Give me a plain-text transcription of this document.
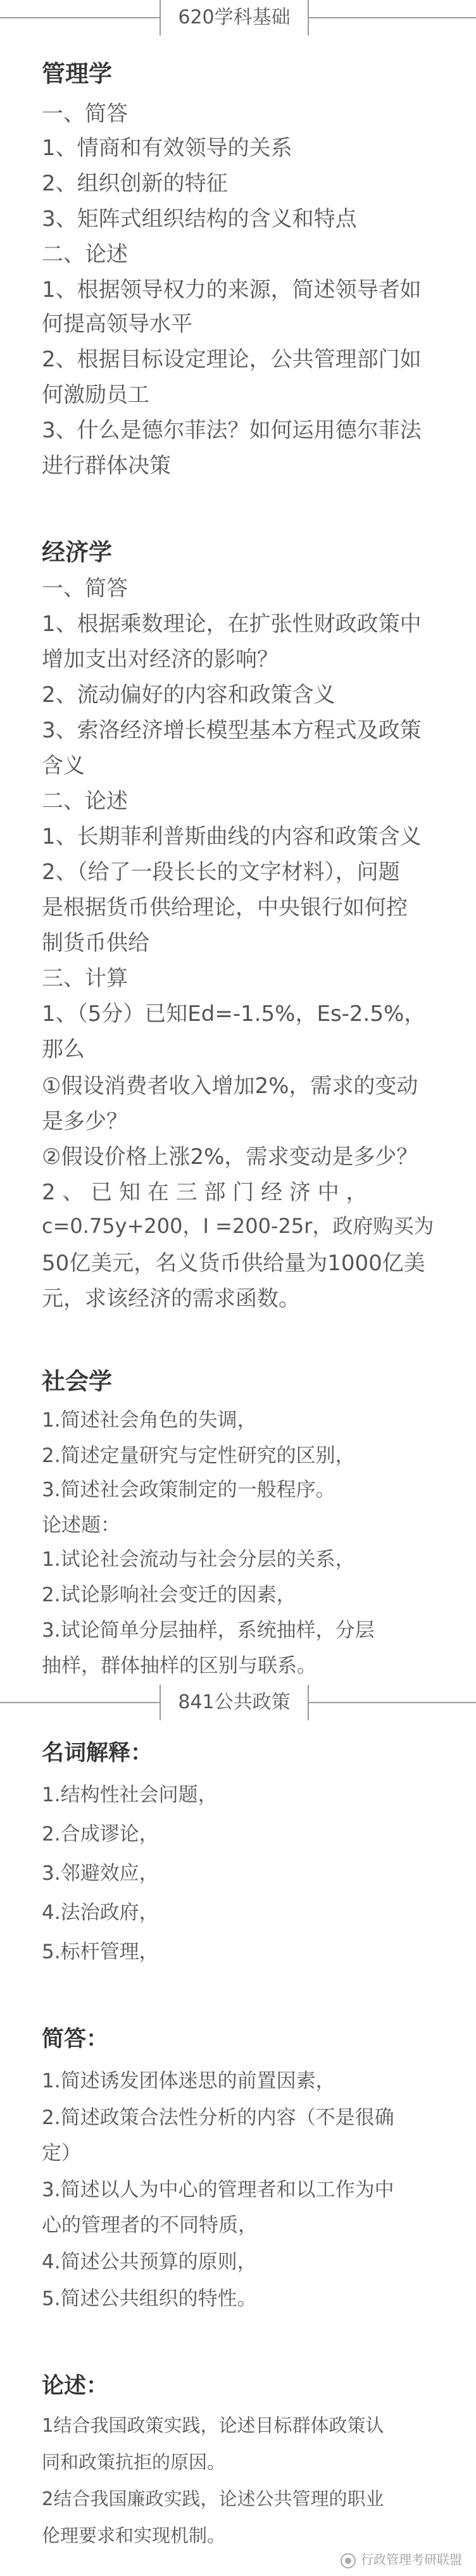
620学科基础
管理学
一、简答
1、情商和有效领导的关系
2、组织创新的特征
3、矩阵式组织结构的含义和特点
二、论述
1、根据领导权力的来源，简述领导者如
何提高领导水平
2、根据目标设定理论，公共管理部门如
何激励员工
3、什么是德尔菲法？如何运用德尔菲法
进行群体决策
经济学
一、简答
1、根据乘数理论，在扩张性财政政策中
增加支出对经济的影响？
2、流动偏好的内容和政策含义
3、索洛经济增长模型基本方程式及政策
含义
二、论述
1、长期菲利普斯曲线的内容和政策含义
2、（给了一段长长的文字材料），问题
是根据货币供给理论，中央银行如何控
制货币供给
三、计算
1、（5分）已知Ed=-1.5%，Es-2.5%，
那么
①假设消费者收入增加2%，需求的变动
是多少？
②假设价格上涨2%，需求变动是多少？
2 、 已 知 在 三 部 门 经 济 中 ，
c=0.75y+200，I =200-25r，政府购买为
50亿美元，名义货币供给量为1000亿美
元，求该经济的需求函数。
社会学
1.简述社会角色的失调，
2.简述定量研究与定性研究的区别，
3.简述社会政策制定的一般程序。
论述题：
1.试论社会流动与社会分层的关系，
2.试论影响社会变迁的因素，
3.试论简单分层抽样，系统抽样，分层
抽样，群体抽样的区别与联系。
841公共政策
名词解释：
1.结构性社会问题，
2.合成谬论，
3.邻避效应，
4.法治政府，
5.标杆管理，
简答：
1.简述诱发团体迷思的前置因素，
2.简述政策合法性分析的内容（不是很确
定）
3.简述以人为中心的管理者和以工作为中
心的管理者的不同特质，
4.简述公共预算的原则，
5.简述公共组织的特性。
论述：
1结合我国政策实践，论述目标群体政策认
同和政策抗拒的原因。
2结合我国廉政实践，论述公共管理的职业
伦理要求和实现机制。
行政管理考研联盟
